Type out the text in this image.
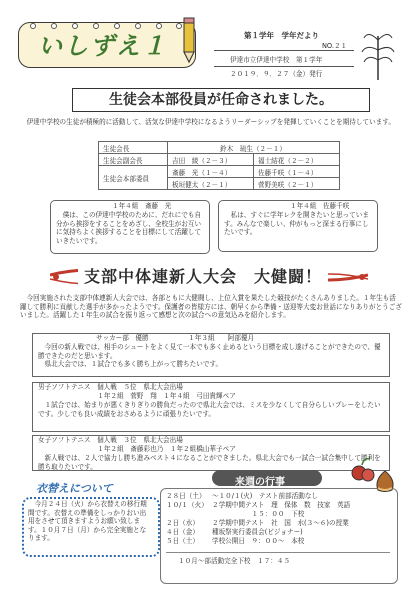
いしずえ１	第１学年　学年だより
NO.２１
伊達市立伊達中学校　第１学年
２０１９．９．２７（金）発行
生徒会本部役員が任命されました。
　伊達中学校の生徒が積極的に活動して、活気な伊達中学校になるようリーダーシップを発揮していくことを期待しています。
生徒会長	鈴木　琉生（２－１）	
生徒会副会長	吉田　綾（２－３）	福士結花（２－２）
生徒会本部委員	斎藤　光（１－４）	佐藤千咲（１－４）
	板垣健太（２－１）	菅野美咲（２－１）
１年４組　斎藤　光
　僕は、この伊達中学校のために、だれにでも自分から挨拶をすることをめざし、全校生がお互いに気持ちよく挨拶することを目標にして活躍していきたいです。
１年４組　佐藤千咲
　私は、すぐに学年レクを開きたいと思っています。みんなで楽しい、仲がもっと深まる行事にしたいです。
支部中体連新人大会　大健闘！
　今回実施された支部中体連新人大会では、各部ともに大健闘し、上位入賞を果たした競技がたくさんありました。１年生も活躍して勝利に貢献した選手が多かったようです。保護者の皆様方には、朝早くから準備・送迎等大変お世話になりありがとうございました。活躍した１年生の試合を振り返って感想と次の試合への意気込みを紹介します。
サッカー部　優勝　　　　　　１年３組　　阿部優月
　今回の新人戦では、相手のシュートをよく見て一本でも多く止めるという目標を成し遂げることができたので、優勝できたのだと思います。
　県北大会では、１試合でも多く勝ち上がって勝ちたいです。
男子ソフトテニス　個人戦　５位　県北大会出場
　　　　　　　　　１年２組　菅野　翔　１年４組　弓田貴輝ペア
　１試合では、始まりが悪くきりぎりの勝負だったので県北大会では、ミスを少なくして自分らしいプレーをしたいです。少しでも良い成績をおさめるように頑張りたいです。
女子ソフトテニス　個人戦　３位　県北大会出場
　　　　　　　　　１年２組　斎藤彩也乃　１年２組橋山華子ペア
　新人戦では、２人で協力し勝ち進みベスト４になることができました。県北大会でも一試合一試合集中して勝利を勝ち取りたいです。
衣替えについて
　今月２４日（火）から衣替えの移行期間です。衣替えの準備をしっかりおい出用をさせて頂きますようお願い致します。１０月７日（月）から完全実施となります。
来週の行事
２８日（土） 〜１０/１(火)　テスト前部活動なし
１０/１（火） ２学期中間テスト　理　保体　数　技家　英語
　　　　　　１５：００　下校
２日（水） ２学期中間テスト　社　国　水(３〜６)の授業
４日（金） 種坂祭実行委員会(ビジョナー)
５日（土） 学校公開日　９：００〜　本校
１０月〜部活動完全下校　１７：４５
